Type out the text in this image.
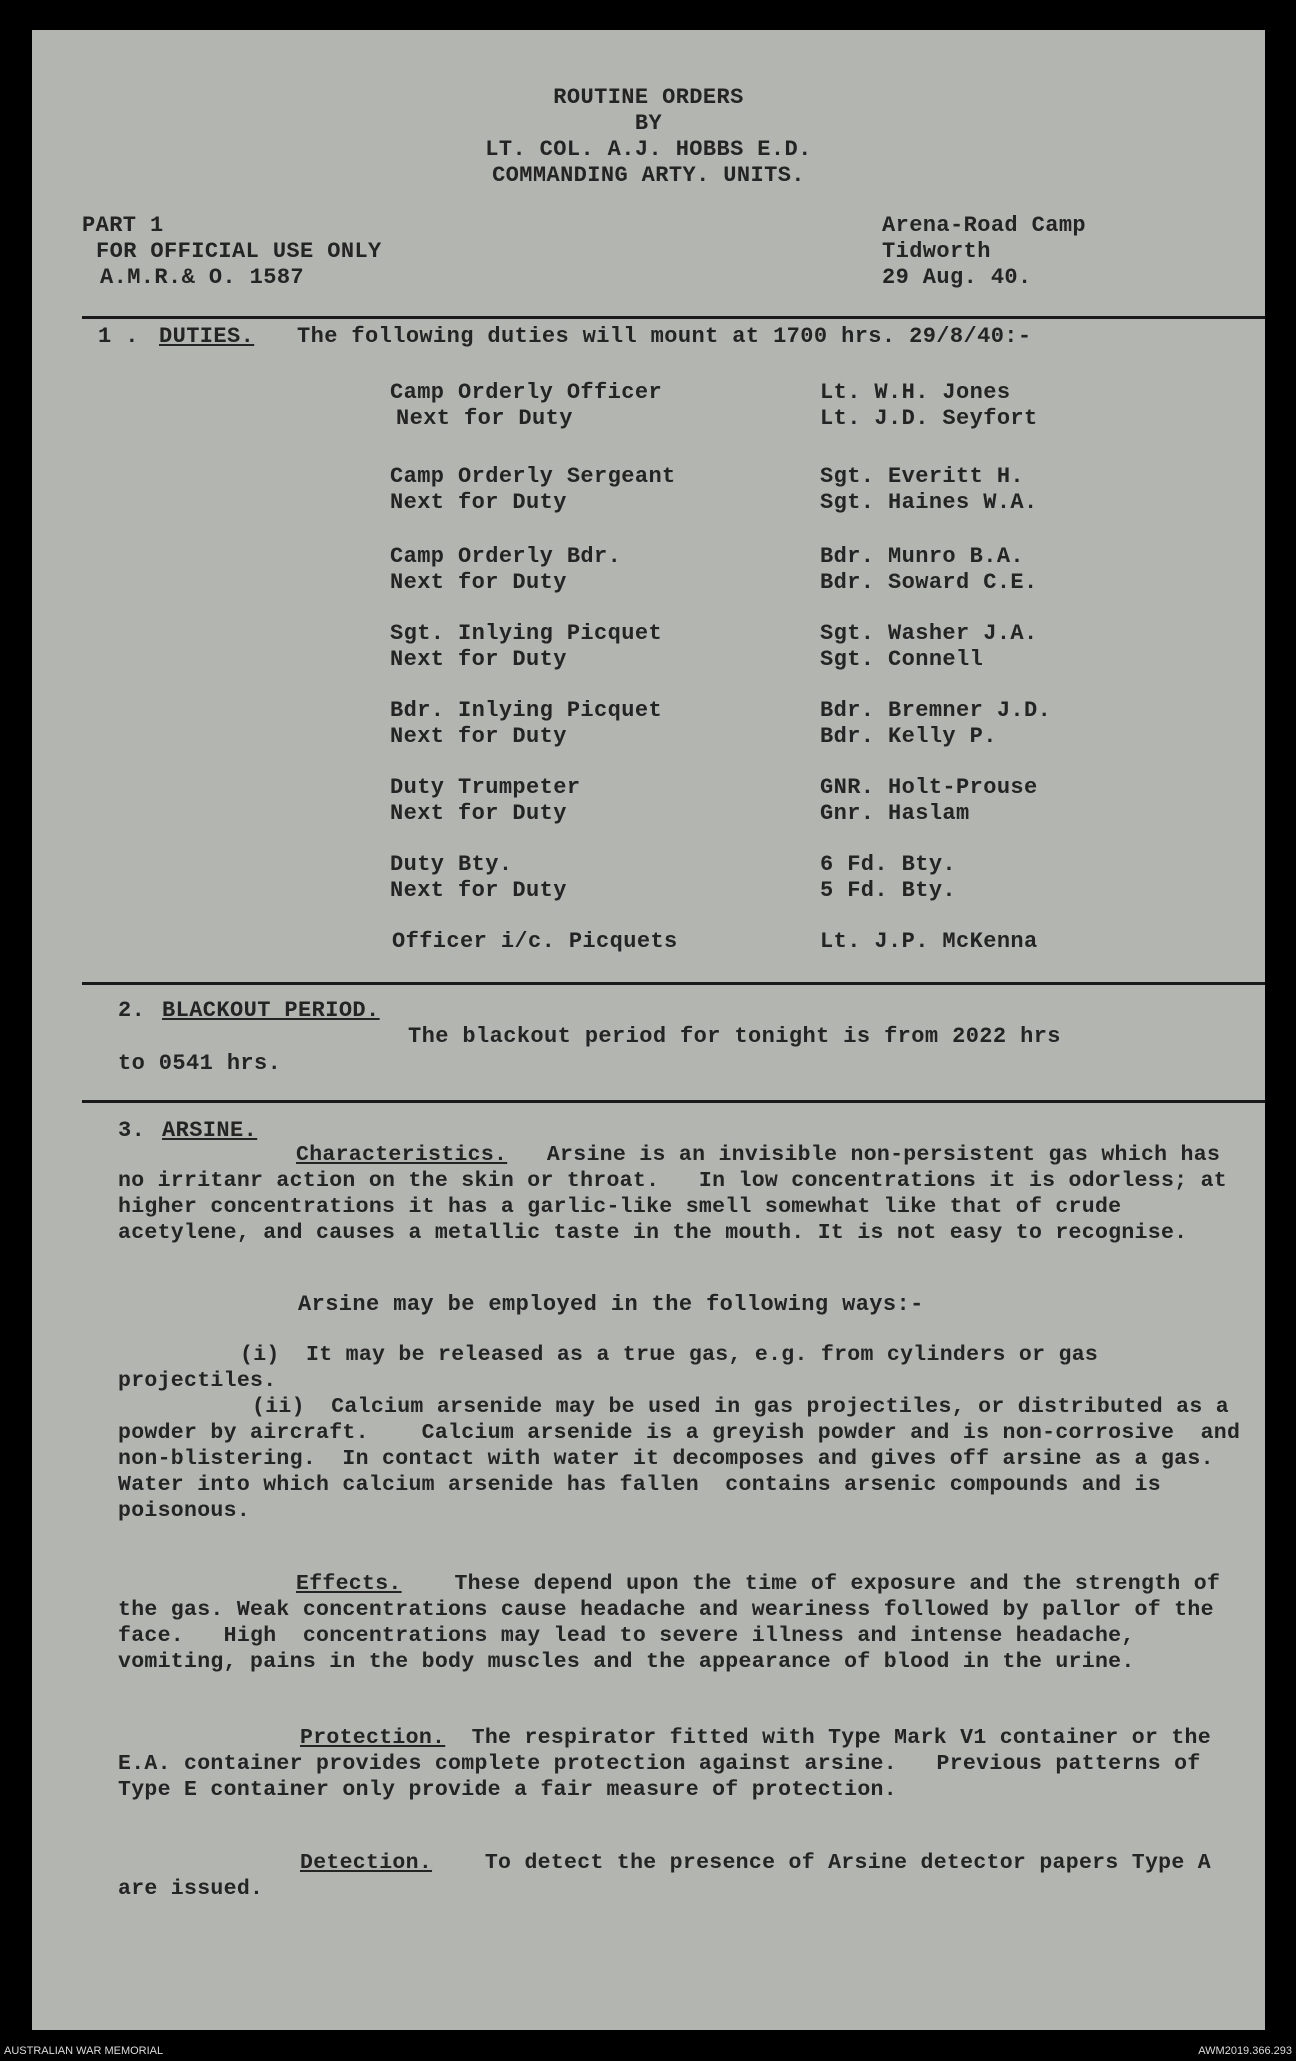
ROUTINE ORDERS

BY

LT. COL. A.J. HOBBS E.D.

COMMANDING ARTY. UNITS.

PART 1

FOR OFFICIAL USE ONLY

A.M.R.& O. 1587

Arena-Road Camp

Tidworth

29 Aug. 40.

1 . DUTIES. The following duties will mount at 1700 hrs. 29/8/40:-

Camp Orderly Officer	Lt. W.H. Jones

Next for Duty	Lt. J.D. Seyfort

Camp Orderly Sergeant	Sgt. Everitt H.

Next for Duty	Sgt. Haines W.A.

Camp Orderly Bdr.	Bdr. Munro B.A.

Next for Duty	Bdr. Soward C.E.

Sgt. Inlying Picquet	Sgt. Washer J.A.

Next for Duty	Sgt. Connell

Bdr. Inlying Picquet	Bdr. Bremner J.D.

Next for Duty	Bdr. Kelly P.

Duty Trumpeter	GNR. Holt-Prouse

Next for Duty	Gnr. Haslam

Duty Bty.	6 Fd. Bty.

Next for Duty	5 Fd. Bty.

Officer i/c. Picquets	Lt. J.P. McKenna

2. BLACKOUT PERIOD.

The blackout period for tonight is from 2022 hrs

to 0541 hrs.

3. ARSINE.

Characteristics. Arsine is an invisible non-persistent gas which has no irritanr action on the skin or throat.   In low concentrations it is odorless; at higher concentrations it has a garlic-like smell somewhat like that of crude acetylene, and causes a metallic taste in the mouth. It is not easy to recognise.

Arsine may be employed in the following ways:-

(i)  It may be released as a true gas, e.g. from cylinders or gas projectiles.

(ii)  Calcium arsenide may be used in gas projectiles, or distributed as a powder by aircraft.    Calcium arsenide is a greyish powder and is non-corrosive  and non-blistering.  In contact with water it decomposes and gives off arsine as a gas. Water into which calcium arsenide has fallen  contains arsenic compounds and is poisonous.

Effects. These depend upon the time of exposure and the strength of the gas. Weak concentrations cause headache and weariness followed by pallor of the face.   High  concentrations may lead to severe illness and intense headache, vomiting, pains in the body muscles and the appearance of blood in the urine.

Protection. The respirator fitted with Type Mark V1 container or the E.A. container provides complete protection against arsine.   Previous patterns of Type E container only provide a fair measure of protection.

Detection. To detect the presence of Arsine detector papers Type A are issued.

AUSTRALIAN WAR MEMORIAL	AWM2019.366.293
